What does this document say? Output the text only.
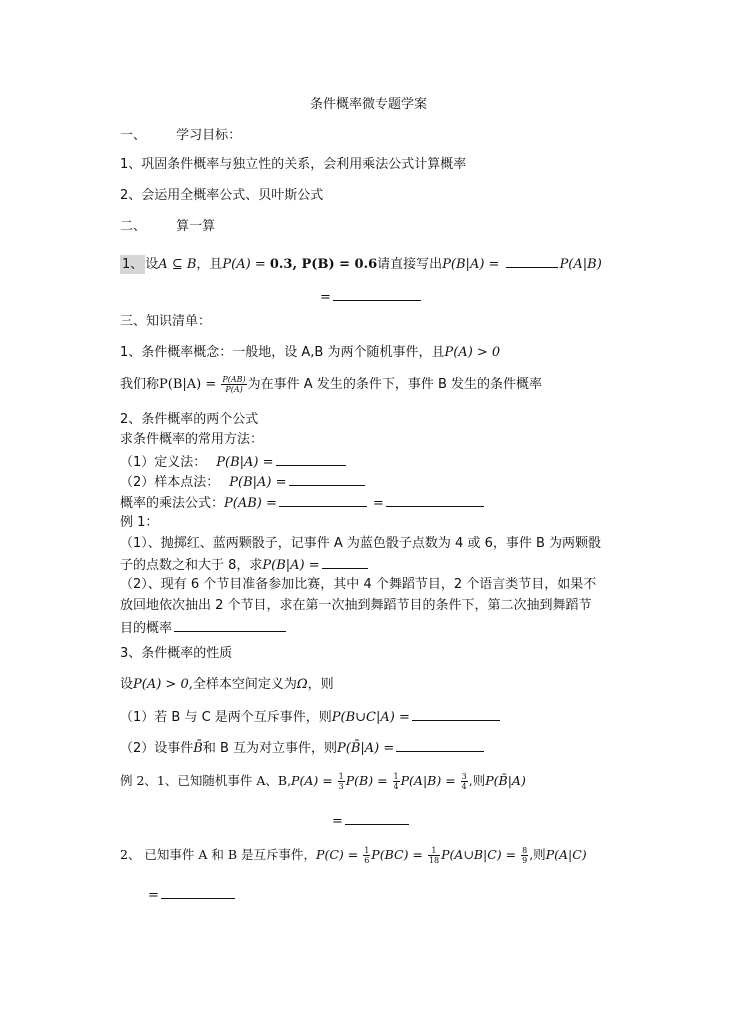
条件概率微专题学案
一、 学习目标：
1、巩固条件概率与独立性的关系，会利用乘法公式计算概率
2、会运用全概率公式、贝叶斯公式
二、 算一算
1、 设A ⊆ B，且P(A) = 0.3, P(B) = 0.6请直接写出P(B|A) =	P(A|B)
=
三、知识清单：
1、条件概率概念：一般地，设 A,B 为两个随机事件，且P(A) > 0
我们称$P(B|A) = \frac{P(AB)}{P(A)}$ 为在事件 A 发生的条件下，事件 B 发生的条件概率
2、条件概率的两个公式
求条件概率的常用方法：
（1）定义法： P(B|A) =
（2）样本点法： P(B|A) =
概率的乘法公式：P(AB) =	=
例 1：
（1）、抛掷红、蓝两颗骰子，记事件 A 为蓝色骰子点数为 4 或 6，事件 B 为两颗骰
子的点数之和大于 8，求P(B|A) =
（2）、现有 6 个节目准备参加比赛，其中 4 个舞蹈节目，2 个语言类节目，如果不
放回地依次抽出 2 个节目，求在第一次抽到舞蹈节目的条件下，第二次抽到舞蹈节
目的概率
3、条件概率的性质
设P(A) > 0,全样本空间定义为Ω，则
（1）若 B 与 C 是两个互斥事件，则P(B∪C|A) =
（2）设事件B̄和 B 互为对立事件，则P(B̄|A) =
例 2、1、已知随机事件 A、$B,P(A) = \frac{1}{3} P(B) = \frac{1}{4} P(A|B) = \frac{3}{4}$ ,则P(B̄|A)
=
2、 已知事件 A 和 B 是互斥事件，$P(C) = \frac{1}{6} P(BC) = \frac{1}{18}$ P(A∪B|C) = $\frac{8}{9}$ ,则P(A|C)
=
